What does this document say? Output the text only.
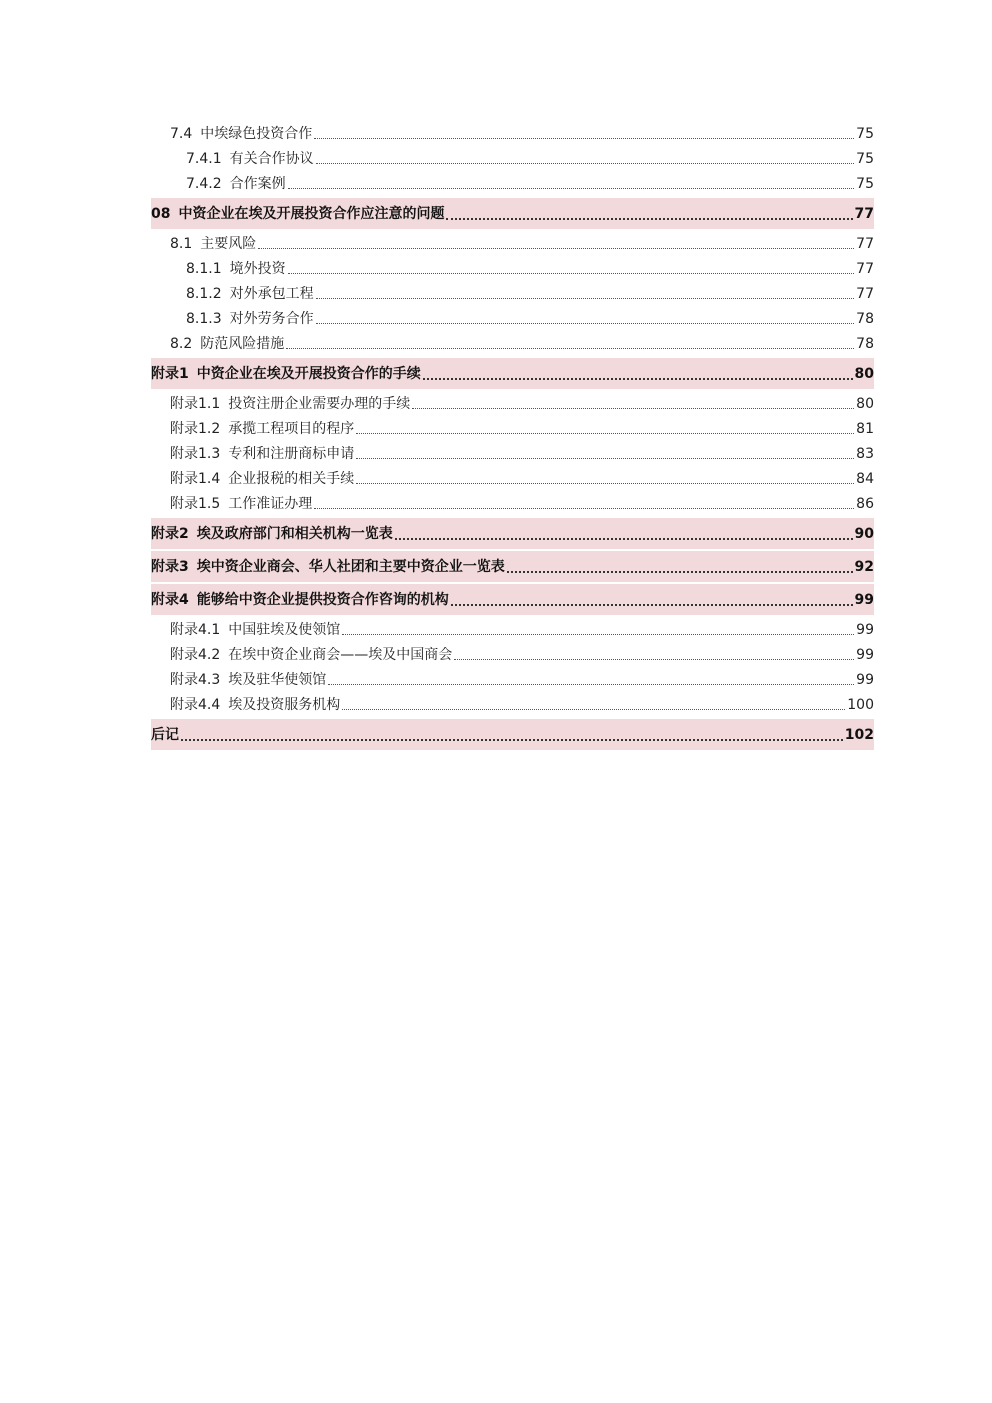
7.4 中埃绿色投资合作	75
7.4.1 有关合作协议	75
7.4.2 合作案例	75
08 中资企业在埃及开展投资合作应注意的问题	77
8.1 主要风险	77
8.1.1 境外投资	77
8.1.2 对外承包工程	77
8.1.3 对外劳务合作	78
8.2 防范风险措施	78
附录1 中资企业在埃及开展投资合作的手续	80
附录1.1 投资注册企业需要办理的手续	80
附录1.2 承揽工程项目的程序	81
附录1.3 专利和注册商标申请	83
附录1.4 企业报税的相关手续	84
附录1.5 工作准证办理	86
附录2 埃及政府部门和相关机构一览表	90
附录3 埃中资企业商会、华人社团和主要中资企业一览表	92
附录4 能够给中资企业提供投资合作咨询的机构	99
附录4.1 中国驻埃及使领馆	99
附录4.2 在埃中资企业商会——埃及中国商会	99
附录4.3 埃及驻华使领馆	99
附录4.4 埃及投资服务机构	100
后记	102
